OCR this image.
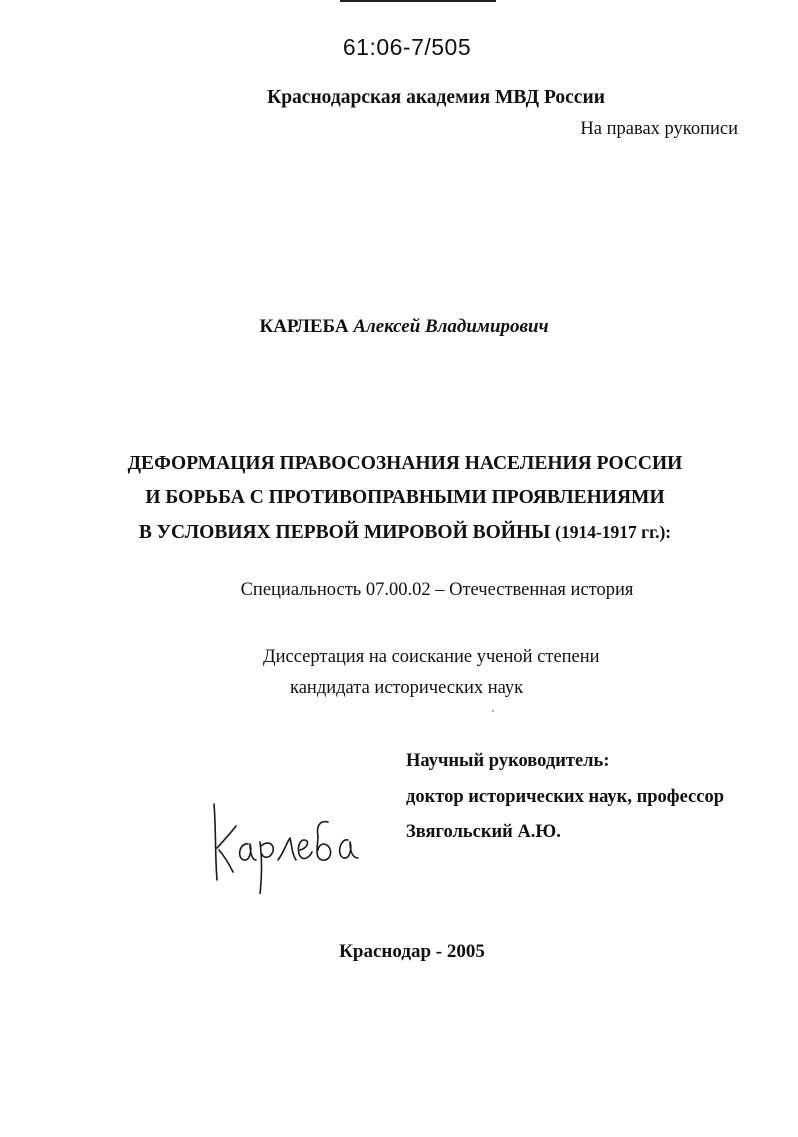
61:06-7/505
Краснодарская академия МВД России
На правах рукописи
КАРЛЕБА Алексей Владимирович
ДЕФОРМАЦИЯ ПРАВОСОЗНАНИЯ НАСЕЛЕНИЯ РОССИИ
И БОРЬБА С ПРОТИВОПРАВНЫМИ ПРОЯВЛЕНИЯМИ
В УСЛОВИЯХ ПЕРВОЙ МИРОВОЙ ВОЙНЫ (1914-1917 гг.):
Специальность 07.00.02 – Отечественная история
Диссертация на соискание ученой степени
кандидата исторических наук
Научный руководитель:
доктор исторических наук, профессор
Звягольский А.Ю.
Краснодар - 2005
